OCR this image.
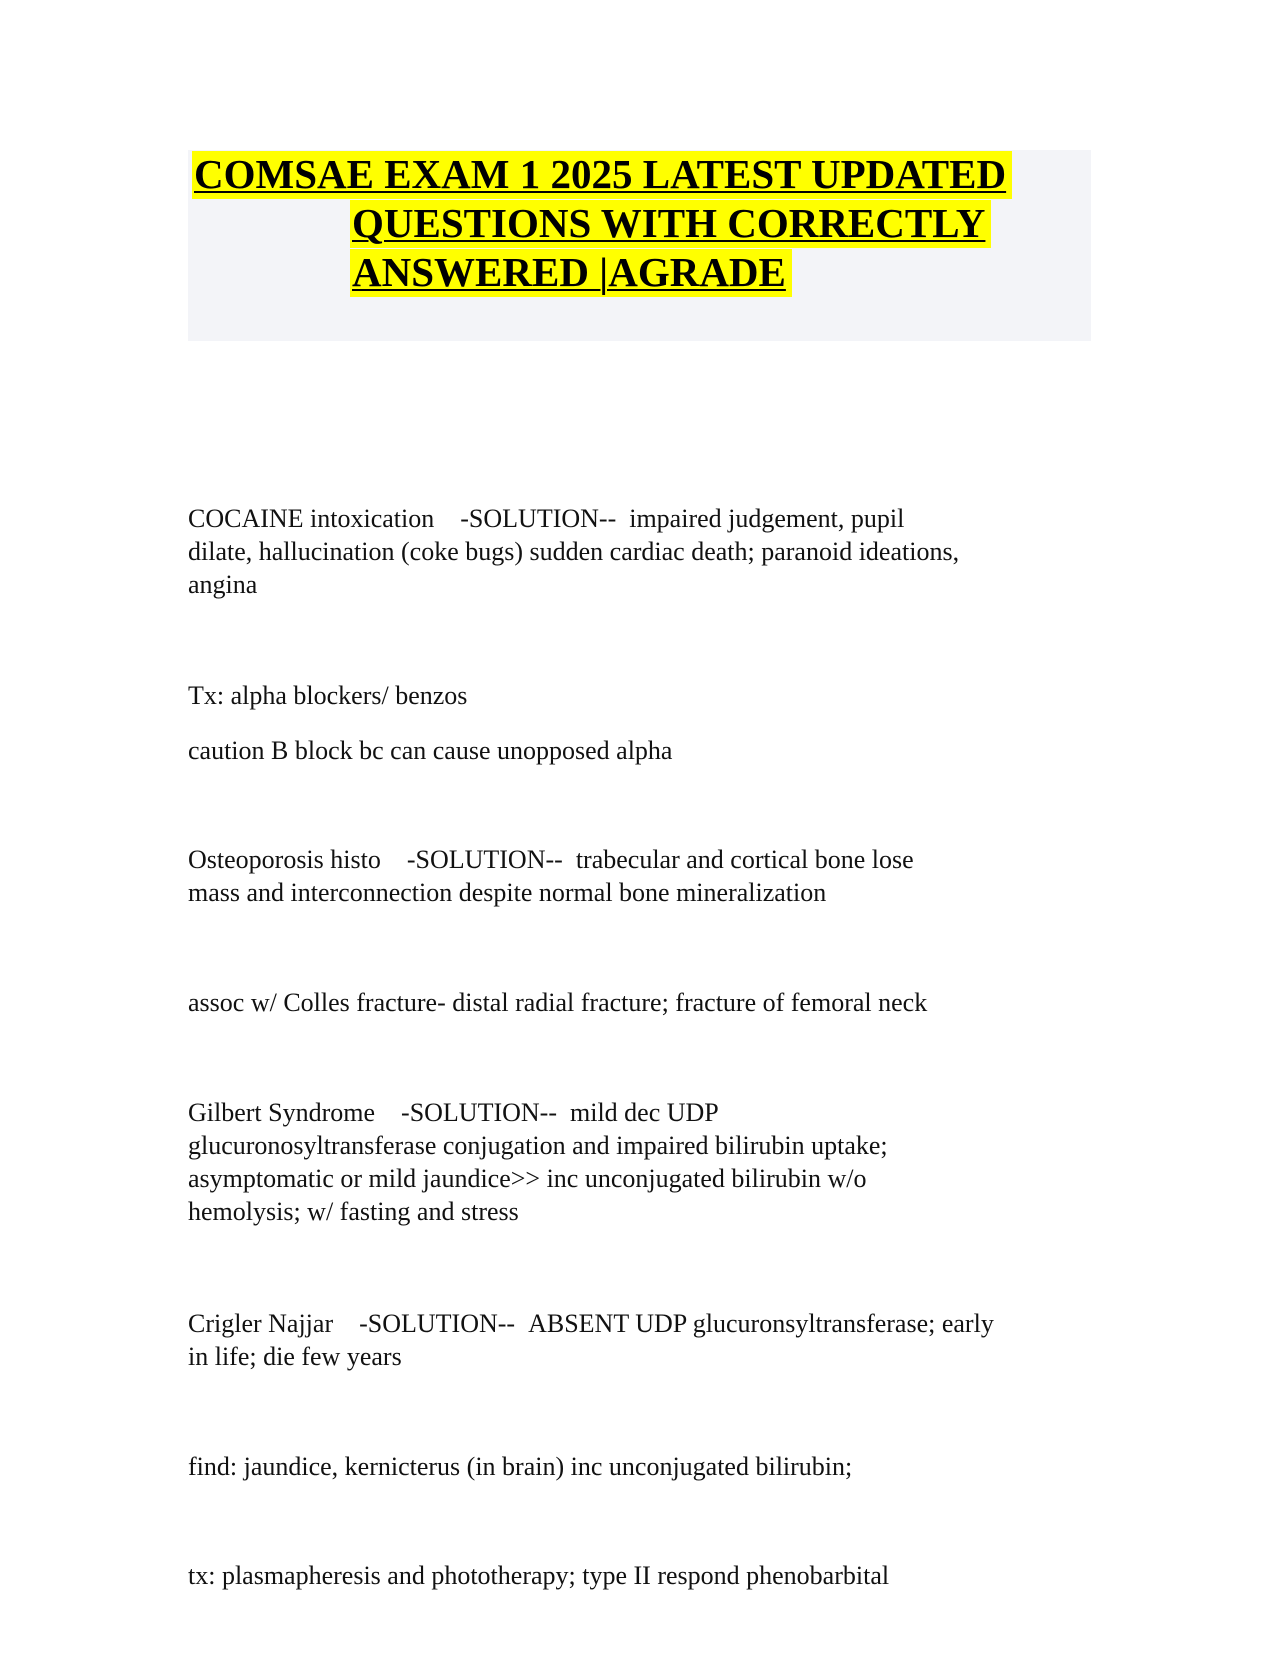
COMSAE EXAM 1 2025 LATEST UPDATED
QUESTIONS WITH CORRECTLY
ANSWERED |AGRADE
COCAINE intoxication -SOLUTION-- impaired judgement, pupil
dilate, hallucination (coke bugs) sudden cardiac death; paranoid ideations,
angina
Tx: alpha blockers/ benzos
caution B block bc can cause unopposed alpha
Osteoporosis histo -SOLUTION-- trabecular and cortical bone lose
mass and interconnection despite normal bone mineralization
assoc w/ Colles fracture- distal radial fracture; fracture of femoral neck
Gilbert Syndrome -SOLUTION-- mild dec UDP
glucuronosyltransferase conjugation and impaired bilirubin uptake;
asymptomatic or mild jaundice>> inc unconjugated bilirubin w/o
hemolysis; w/ fasting and stress
Crigler Najjar -SOLUTION-- ABSENT UDP glucuronsyltransferase; early
in life; die few years
find: jaundice, kernicterus (in brain) inc unconjugated bilirubin;
tx: plasmapheresis and phototherapy; type II respond phenobarbital
